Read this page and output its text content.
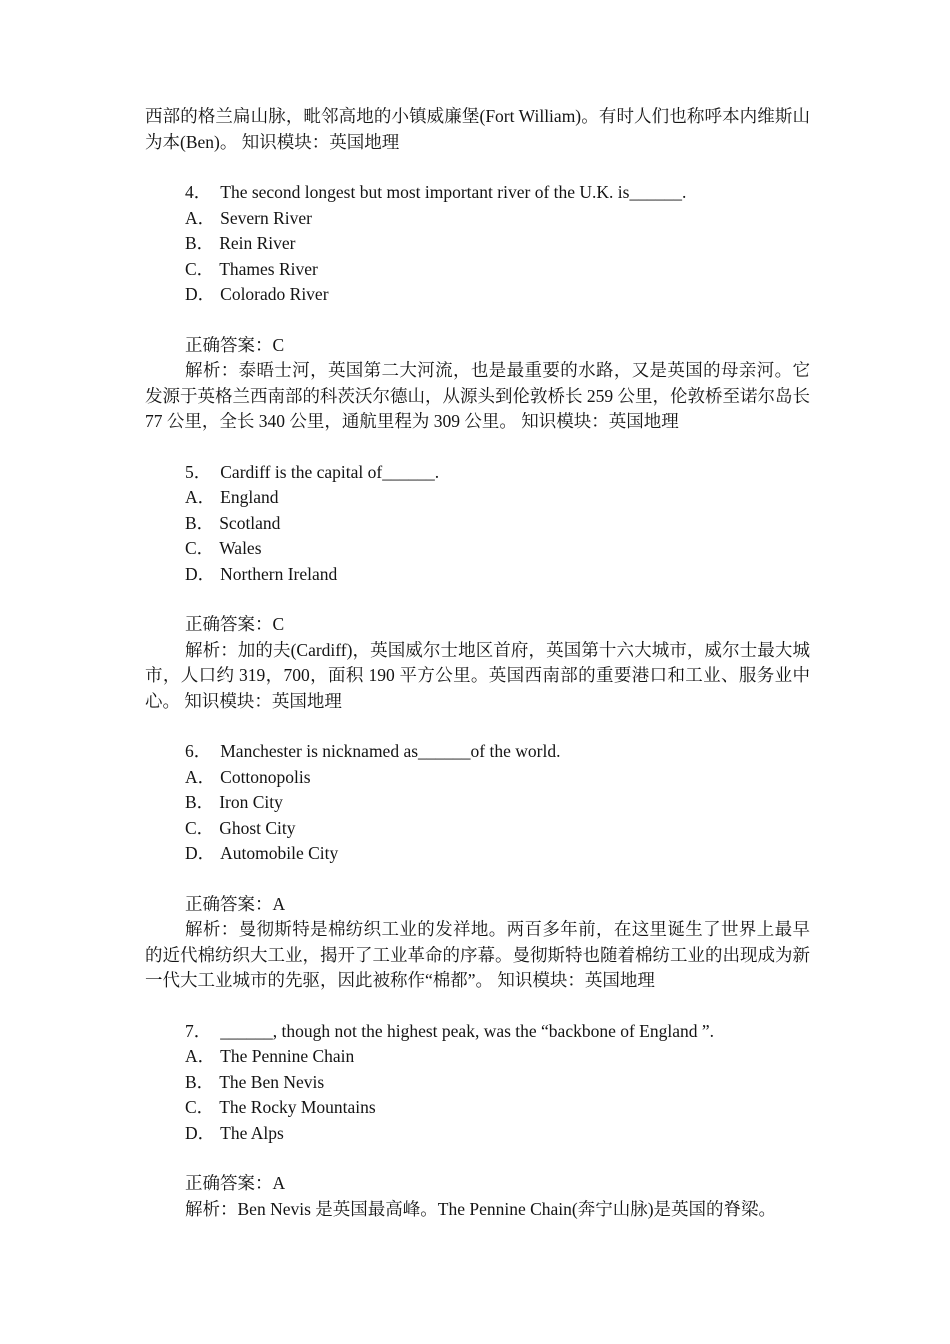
西部的格兰扁山脉，毗邻高地的小镇威廉堡(Fort William)。有时人们也称呼本内维斯山为本(Ben)。 知识模块：英国地理

4． The second longest but most important river of the U.K. is______.

A． Severn River

B． Rein River

C． Thames River

D． Colorado River

正确答案：C

解析：泰晤士河，英国第二大河流，也是最重要的水路，又是英国的母亲河。它发源于英格兰西南部的科茨沃尔德山，从源头到伦敦桥长 259 公里，伦敦桥至诺尔岛长 77 公里，全长 340 公里，通航里程为 309 公里。 知识模块：英国地理

5． Cardiff is the capital of______.

A． England

B． Scotland

C． Wales

D． Northern Ireland

正确答案：C

解析：加的夫(Cardiff)，英国威尔士地区首府，英国第十六大城市，威尔士最大城市，人口约 319，700，面积 190 平方公里。英国西南部的重要港口和工业、服务业中心。 知识模块：英国地理

6． Manchester is nicknamed as______of the world.

A． Cottonopolis

B． Iron City

C． Ghost City

D． Automobile City

正确答案：A

解析：曼彻斯特是棉纺织工业的发祥地。两百多年前，在这里诞生了世界上最早的近代棉纺织大工业，揭开了工业革命的序幕。曼彻斯特也随着棉纺工业的出现成为新一代大工业城市的先驱，因此被称作“棉都”。 知识模块：英国地理

7． ______, though not the highest peak, was the “backbone of England ”.

A． The Pennine Chain

B． The Ben Nevis

C． The Rocky Mountains

D． The Alps

正确答案：A

解析：Ben Nevis 是英国最高峰。The Pennine Chain(奔宁山脉)是英国的脊梁。
